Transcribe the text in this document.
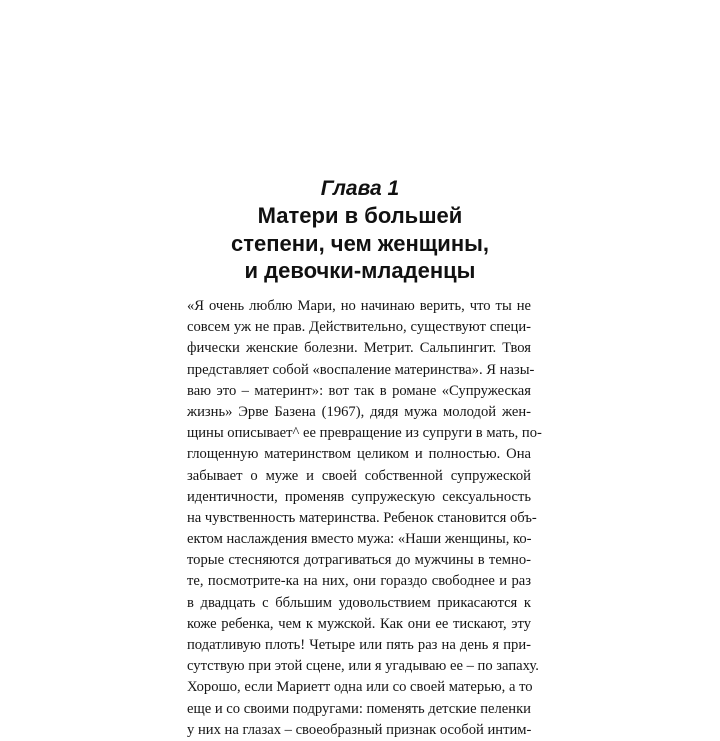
Глава 1

Матери в большей

степени, чем женщины,

и девочки-младенцы

«Я очень люблю Мари, но начинаю верить, что ты не
совсем уж не прав. Действительно, существуют специ-
фически женские болезни. Метрит. Сальпингит. Твоя
представляет собой «воспаление материнства». Я назы-
ваю это – материнт»: вот так в романе «Супружеская
жизнь» Эрве Базена (1967), дядя мужа молодой жен-
щины описывает^ ее превращение из супруги в мать, по-
глощенную материнством целиком и полностью. Она
забывает о муже и своей собственной супружеской
идентичности, променяв супружескую сексуальность
на чувственность материнства. Ребенок становится объ-
ектом наслаждения вместо мужа: «Наши женщины, ко-
торые стесняются дотрагиваться до мужчины в темно-
те, посмотрите-ка на них, они гораздо свободнее и раз
в двадцать с ббльшим удовольствием прикасаются к
коже ребенка, чем к мужской. Как они ее тискают, эту
податливую плоть! Четыре или пять раз на день я при-
сутствую при этой сцене, или я угадываю ее – по запаху.
Хорошо, если Мариетт одна или со своей матерью, а то
еще и со своими подругами: поменять детские пеленки
у них на глазах – своеобразный признак особой интим-
